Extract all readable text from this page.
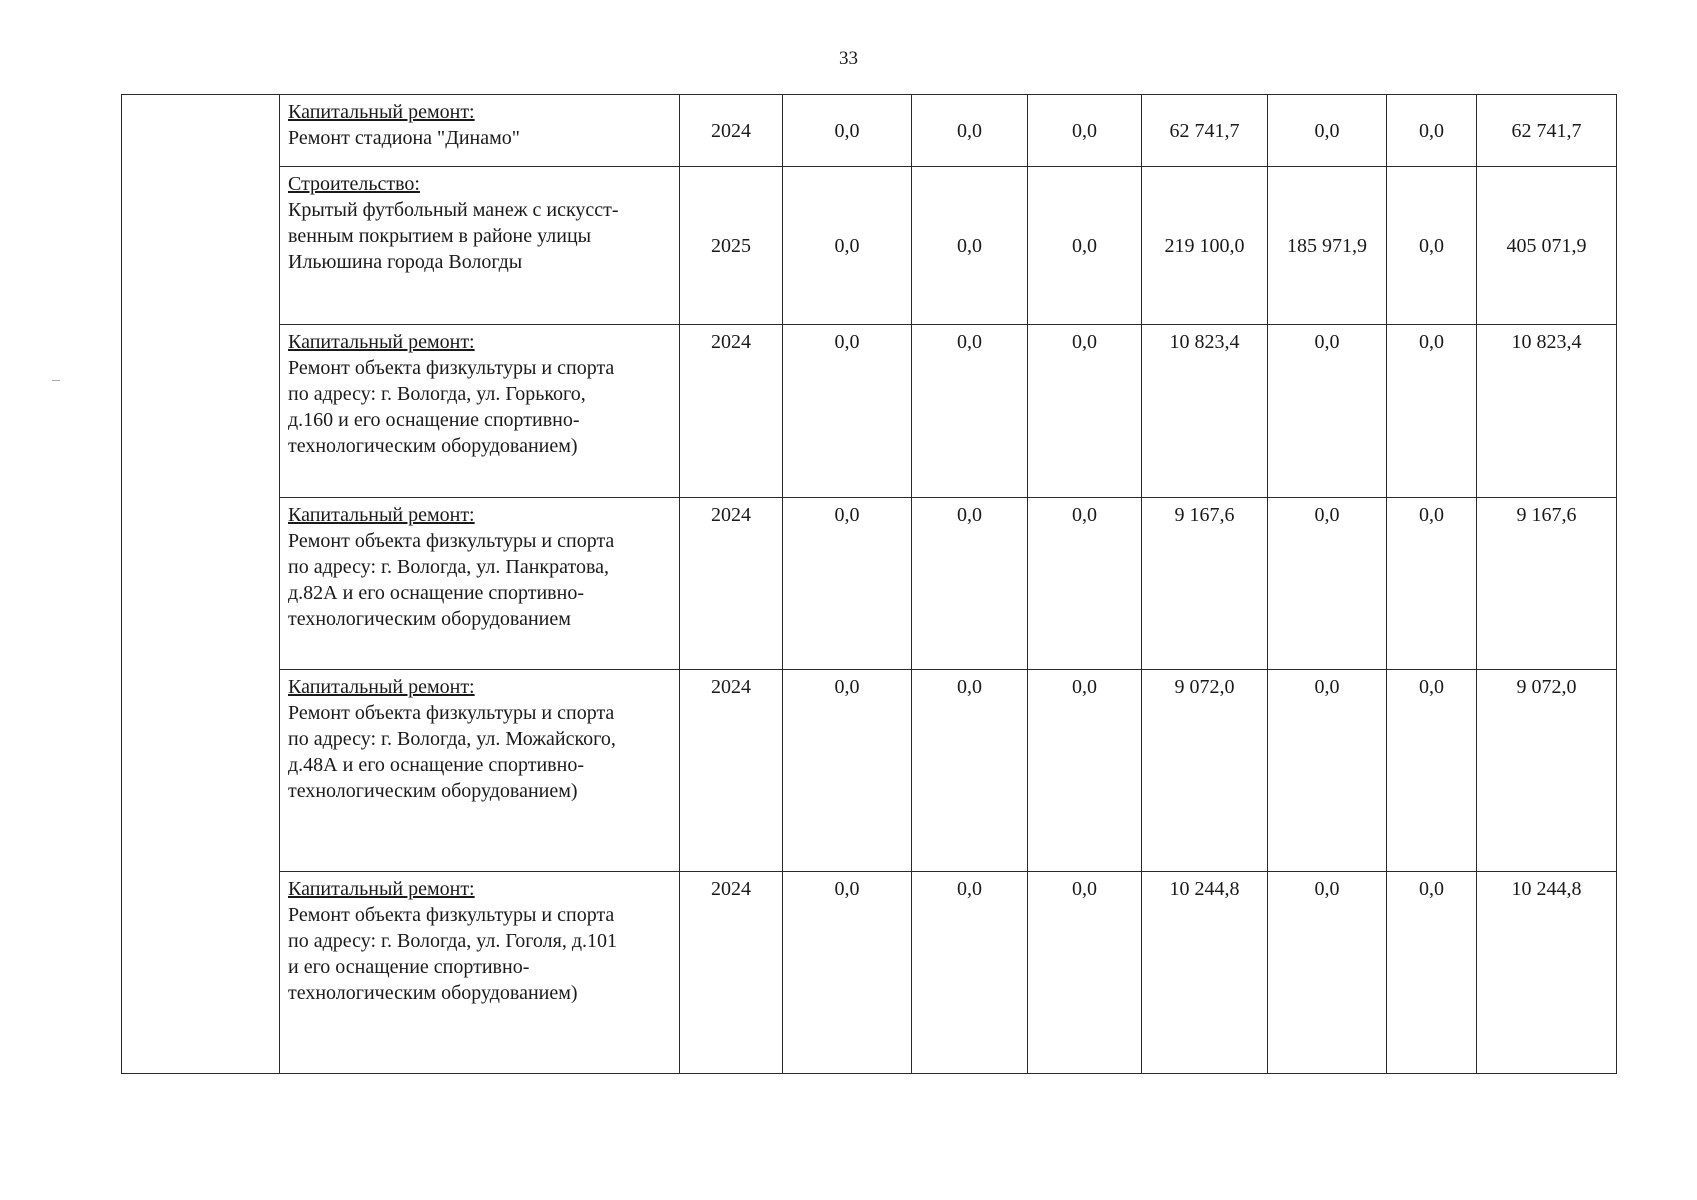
33

	Капитальный ремонт:
Ремонт стадиона "Динамо"	2024	0,0	0,0	0,0	62 741,7	0,0	0,0	62 741,7

	Строительство:
Крытый футбольный манеж с искусст-
венным покрытием в районе улицы
Ильюшина города Вологды	2025	0,0	0,0	0,0	219 100,0	185 971,9	0,0	405 071,9

	Капитальный ремонт:
Ремонт объекта физкультуры и спорта
по адресу: г. Вологда, ул. Горького,
д.160 и его оснащение спортивно-
технологическим оборудованием)	2024	0,0	0,0	0,0	10 823,4	0,0	0,0	10 823,4

	Капитальный ремонт:
Ремонт объекта физкультуры и спорта
по адресу: г. Вологда, ул. Панкратова,
д.82А и его оснащение спортивно-
технологическим оборудованием	2024	0,0	0,0	0,0	9 167,6	0,0	0,0	9 167,6

	Капитальный ремонт:
Ремонт объекта физкультуры и спорта
по адресу: г. Вологда, ул. Можайского,
д.48А и его оснащение спортивно-
технологическим оборудованием)	2024	0,0	0,0	0,0	9 072,0	0,0	0,0	9 072,0

	Капитальный ремонт:
Ремонт объекта физкультуры и спорта
по адресу: г. Вологда, ул. Гоголя, д.101
и его оснащение спортивно-
технологическим оборудованием)	2024	0,0	0,0	0,0	10 244,8	0,0	0,0	10 244,8
